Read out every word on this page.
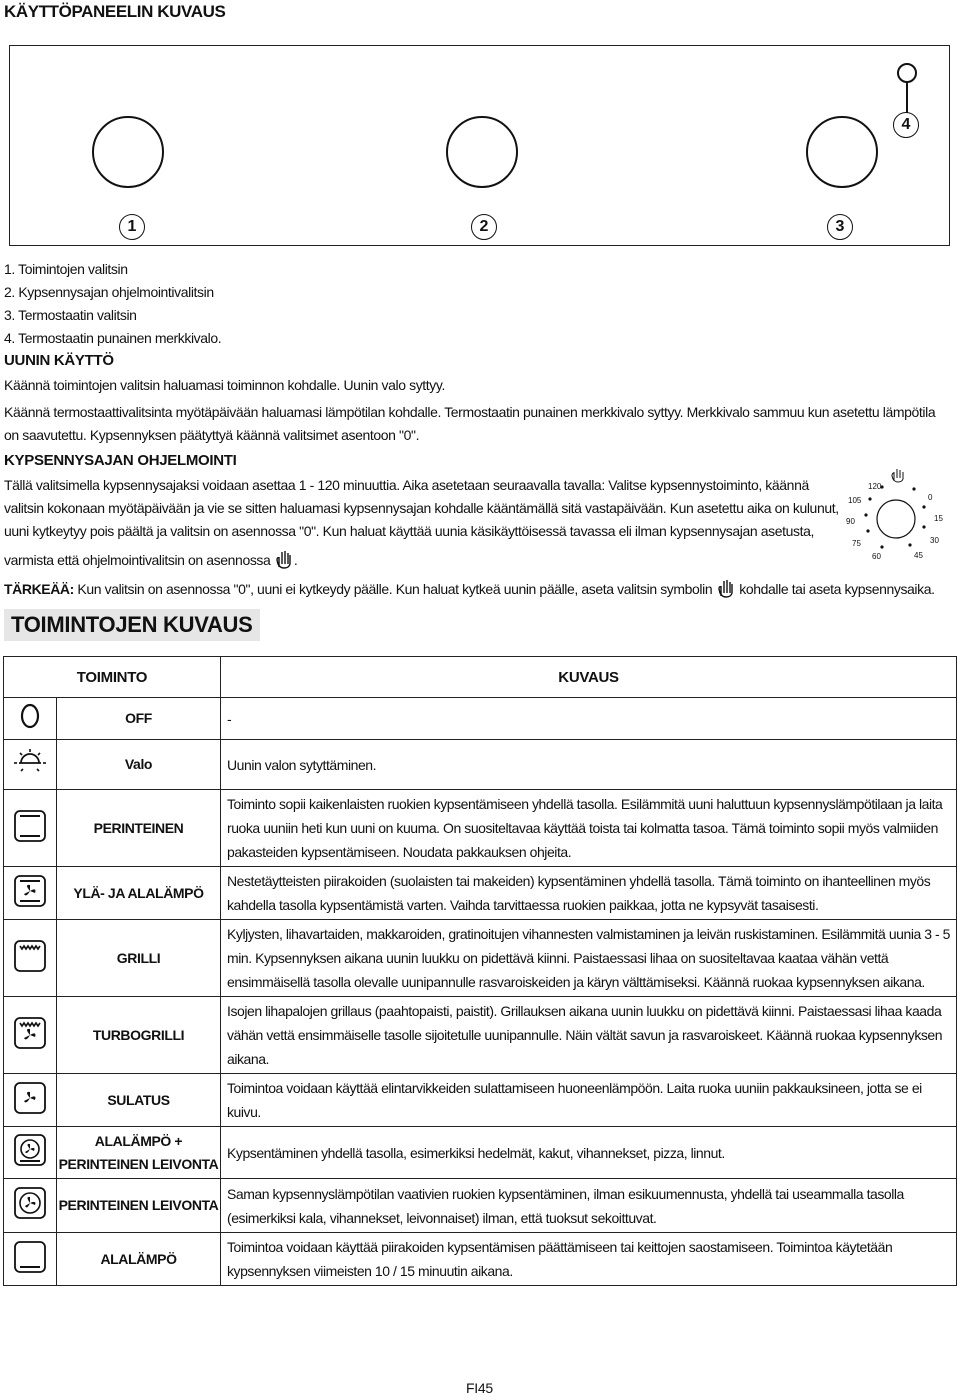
KÄYTTÖPANEELIN KUVAUS
1	2	3
4
1. Toimintojen valitsin
2. Kypsennysajan ohjelmointivalitsin
3. Termostaatin valitsin
4. Termostaatin punainen merkkivalo.
UUNIN KÄYTTÖ
Käännä toimintojen valitsin haluamasi toiminnon kohdalle. Uunin valo syttyy.
Käännä termostaattivalitsinta myötäpäivään haluamasi lämpötilan kohdalle. Termostaatin punainen merkkivalo syttyy. Merkkivalo sammuu kun asetettu lämpötila
on saavutettu. Kypsennyksen päätyttyä käännä valitsimet asentoon "0".
KYPSENNYSAJAN OHJELMOINTI
Tällä valitsimella kypsennysajaksi voidaan asettaa 1 - 120 minuuttia. Aika asetetaan seuraavalla tavalla: Valitse kypsennystoiminto, käännä
valitsin kokonaan myötäpäivään ja vie se sitten haluamasi kypsennysajan kohdalle kääntämällä sitä vastapäivään. Kun asetettu aika on kulunut,
uuni kytkeytyy pois päältä ja valitsin on asennossa "0". Kun haluat käyttää uunia käsikäyttöisessä tavassa eli ilman kypsennysajan asetusta,
varmista että ohjelmointivalitsin on asennossa .
120
0
15
30
45
60
75
90
105
TÄRKEÄÄ: Kun valitsin on asennossa "0", uuni ei kytkeydy päälle. Kun haluat kytkeä uunin päälle, aseta valitsin symbolin kohdalle tai aseta kypsennysaika.
TOIMINTOJEN KUVAUS
TOIMINTO		KUVAUS
	OFF	-
	Valo	Uunin valon sytyttäminen.
	PERINTEINEN	Toiminto sopii kaikenlaisten ruokien kypsentämiseen yhdellä tasolla. Esilämmitä uuni haluttuun kypsennyslämpötilaan ja laita ruoka uuniin heti kun uuni on kuuma. On suositeltavaa käyttää toista tai kolmatta tasoa. Tämä toiminto sopii myös valmiiden pakasteiden kypsentämiseen. Noudata pakkauksen ohjeita.
	YLÄ- JA ALALÄMPÖ	Nestetäytteisten piirakoiden (suolaisten tai makeiden) kypsentäminen yhdellä tasolla. Tämä toiminto on ihanteellinen myös kahdella tasolla kypsentämistä varten. Vaihda tarvittaessa ruokien paikkaa, jotta ne kypsyvät tasaisesti.
	GRILLI	Kyljysten, lihavartaiden, makkaroiden, gratinoitujen vihannesten valmistaminen ja leivän ruskistaminen. Esilämmitä uunia 3 - 5 min. Kypsennyksen aikana uunin luukku on pidettävä kiinni. Paistaessasi lihaa on suositeltavaa kaataa vähän vettä ensimmäisellä tasolla olevalle uunipannulle rasvaroiskeiden ja käryn välttämiseksi. Käännä ruokaa kypsennyksen aikana.
	TURBOGRILLI	Isojen lihapalojen grillaus (paahtopaisti, paistit). Grillauksen aikana uunin luukku on pidettävä kiinni. Paistaessasi lihaa kaada vähän vettä ensimmäiselle tasolle sijoitetulle uunipannulle. Näin vältät savun ja rasvaroiskeet. Käännä ruokaa kypsennyksen aikana.
	SULATUS	Toimintoa voidaan käyttää elintarvikkeiden sulattamiseen huoneenlämpöön. Laita ruoka uuniin pakkauksineen, jotta se ei kuivu.
	ALALÄMPÖ + PERINTEINEN LEIVONTA	Kypsentäminen yhdellä tasolla, esimerkiksi hedelmät, kakut, vihannekset, pizza, linnut.
	PERINTEINEN LEIVONTA	Saman kypsennyslämpötilan vaativien ruokien kypsentäminen, ilman esikuumennusta, yhdellä tai useammalla tasolla (esimerkiksi kala, vihannekset, leivonnaiset) ilman, että tuoksut sekoittuvat.
	ALALÄMPÖ	Toimintoa voidaan käyttää piirakoiden kypsentämisen päättämiseen tai keittojen saostamiseen. Toimintoa käytetään kypsennyksen viimeisten 10 / 15 minuutin aikana.
FI45
